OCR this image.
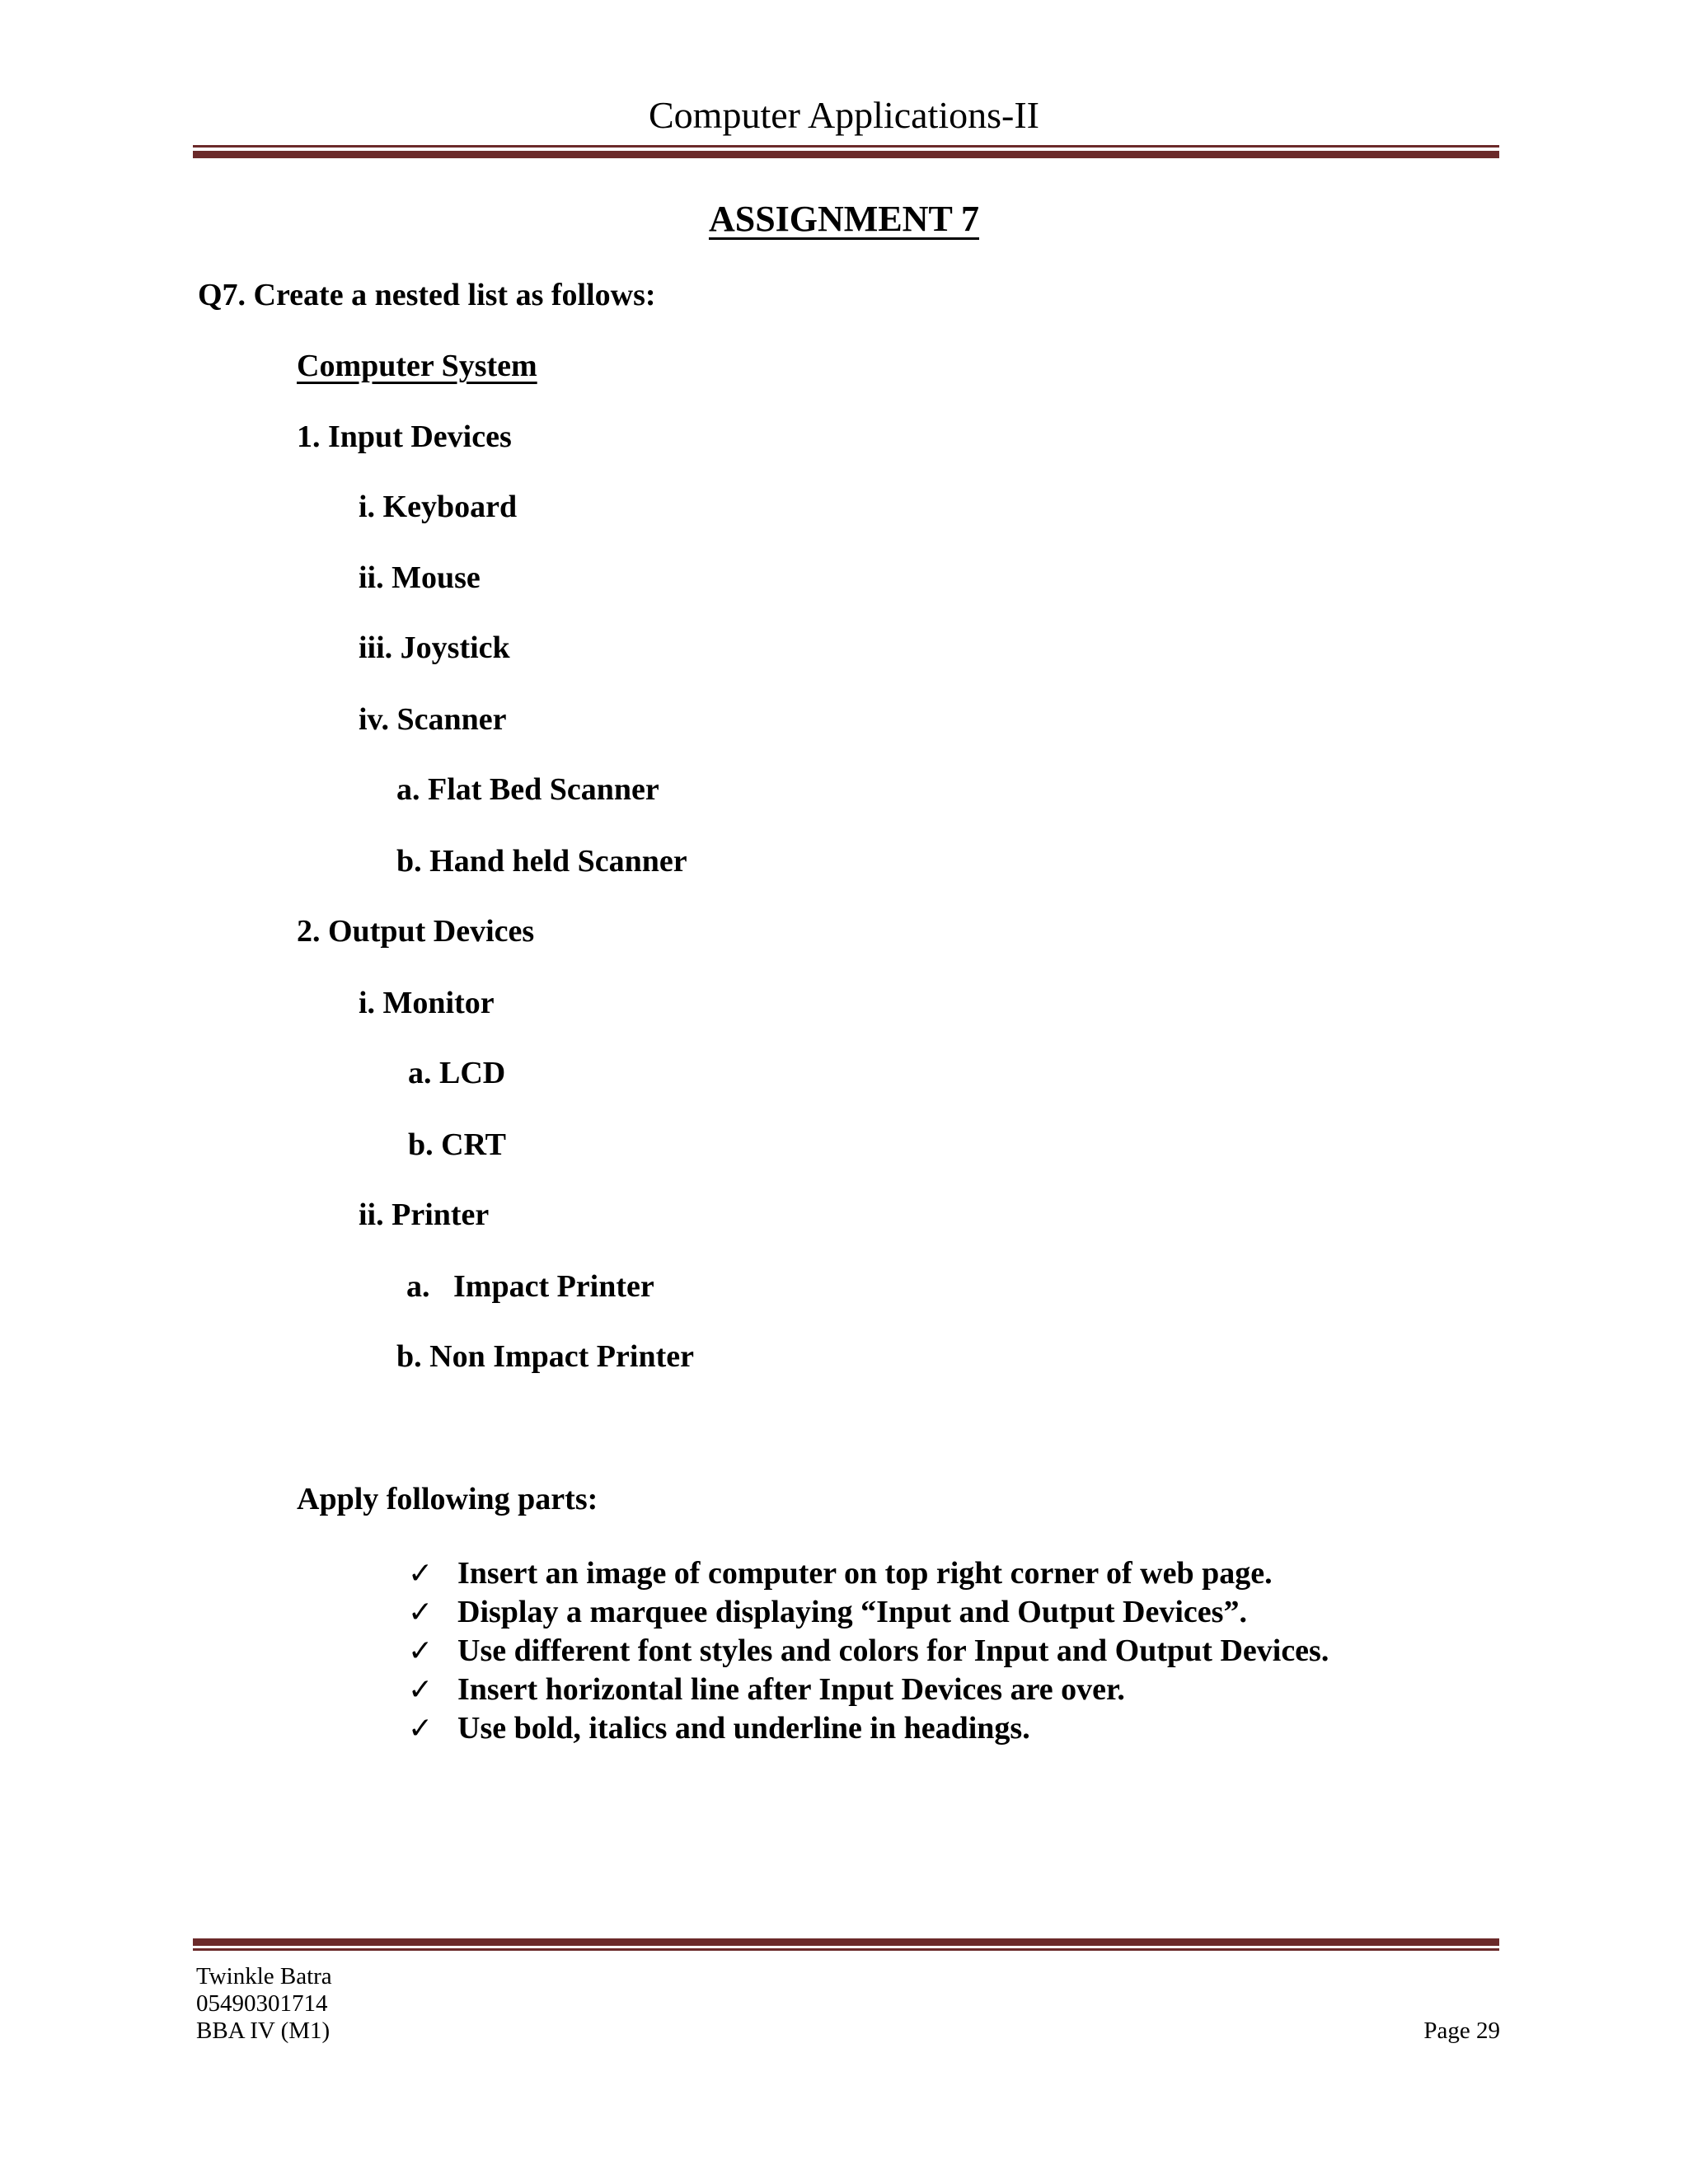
Computer Applications-II
ASSIGNMENT 7
Q7. Create a nested list as follows:
Computer System
1. Input Devices
i. Keyboard
ii. Mouse
iii. Joystick
iv. Scanner
a. Flat Bed Scanner
b. Hand held Scanner
2. Output Devices
i. Monitor
a. LCD
b. CRT
ii. Printer
a.   Impact Printer
b. Non Impact Printer
Apply following parts:
✓ Insert an image of computer on top right corner of web page.
✓ Display a marquee displaying “Input and Output Devices”.
✓ Use different font styles and colors for Input and Output Devices.
✓ Insert horizontal line after Input Devices are over.
✓ Use bold, italics and underline in headings.
Twinkle Batra
05490301714
BBA IV (M1)	Page 29
